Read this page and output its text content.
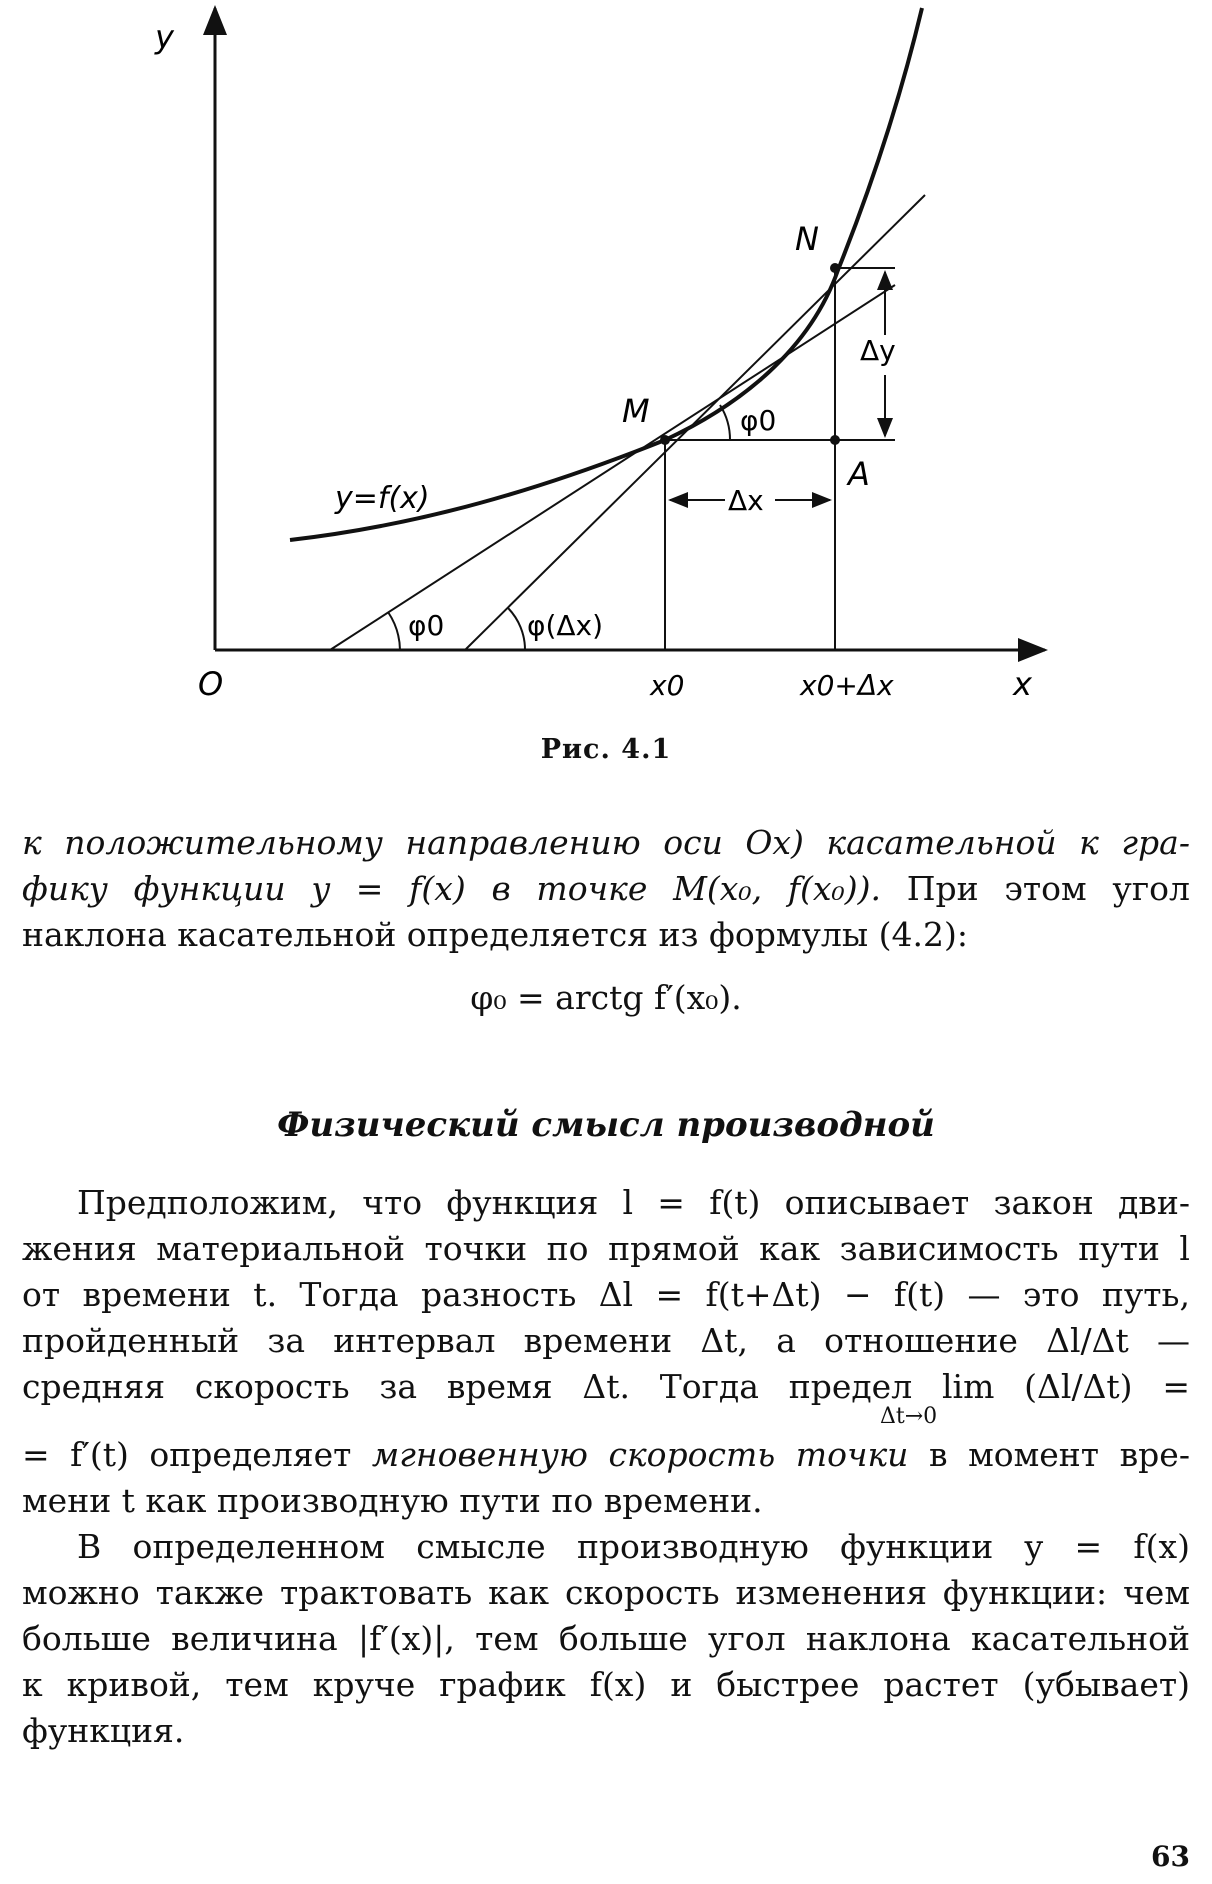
y
x
O
N
M
A
y=f(x)
φ0
φ0	φ(Δx)
Δy
Δx
x0	x0+Δx
Рис. 4.1
к положительному направлению оси Ox) касательной к гра-
фику функции y = f(x) в точке M(x₀, f(x₀)). При этом угол
наклона касательной определяется из формулы (4.2):
φ₀ = arctg f′(x₀).
Физический смысл производной
Предположим, что функция l = f(t) описывает закон дви-
жения материальной точки по прямой как зависимость пути l
от времени t. Тогда разность Δl = f(t+Δt) − f(t) — это путь,
пройденный за интервал времени Δt, а отношение Δl/Δt —
средняя скорость за время Δt. Тогда предел lim (Δl/Δt) =
Δt→0
= f′(t) определяет мгновенную скорость точки в момент вре-
мени t как производную пути по времени.
В определенном смысле производную функции y = f(x)
можно также трактовать как скорость изменения функции: чем
больше величина |f′(x)|, тем больше угол наклона касательной
к кривой, тем круче график f(x) и быстрее растет (убывает)
функция.
63
